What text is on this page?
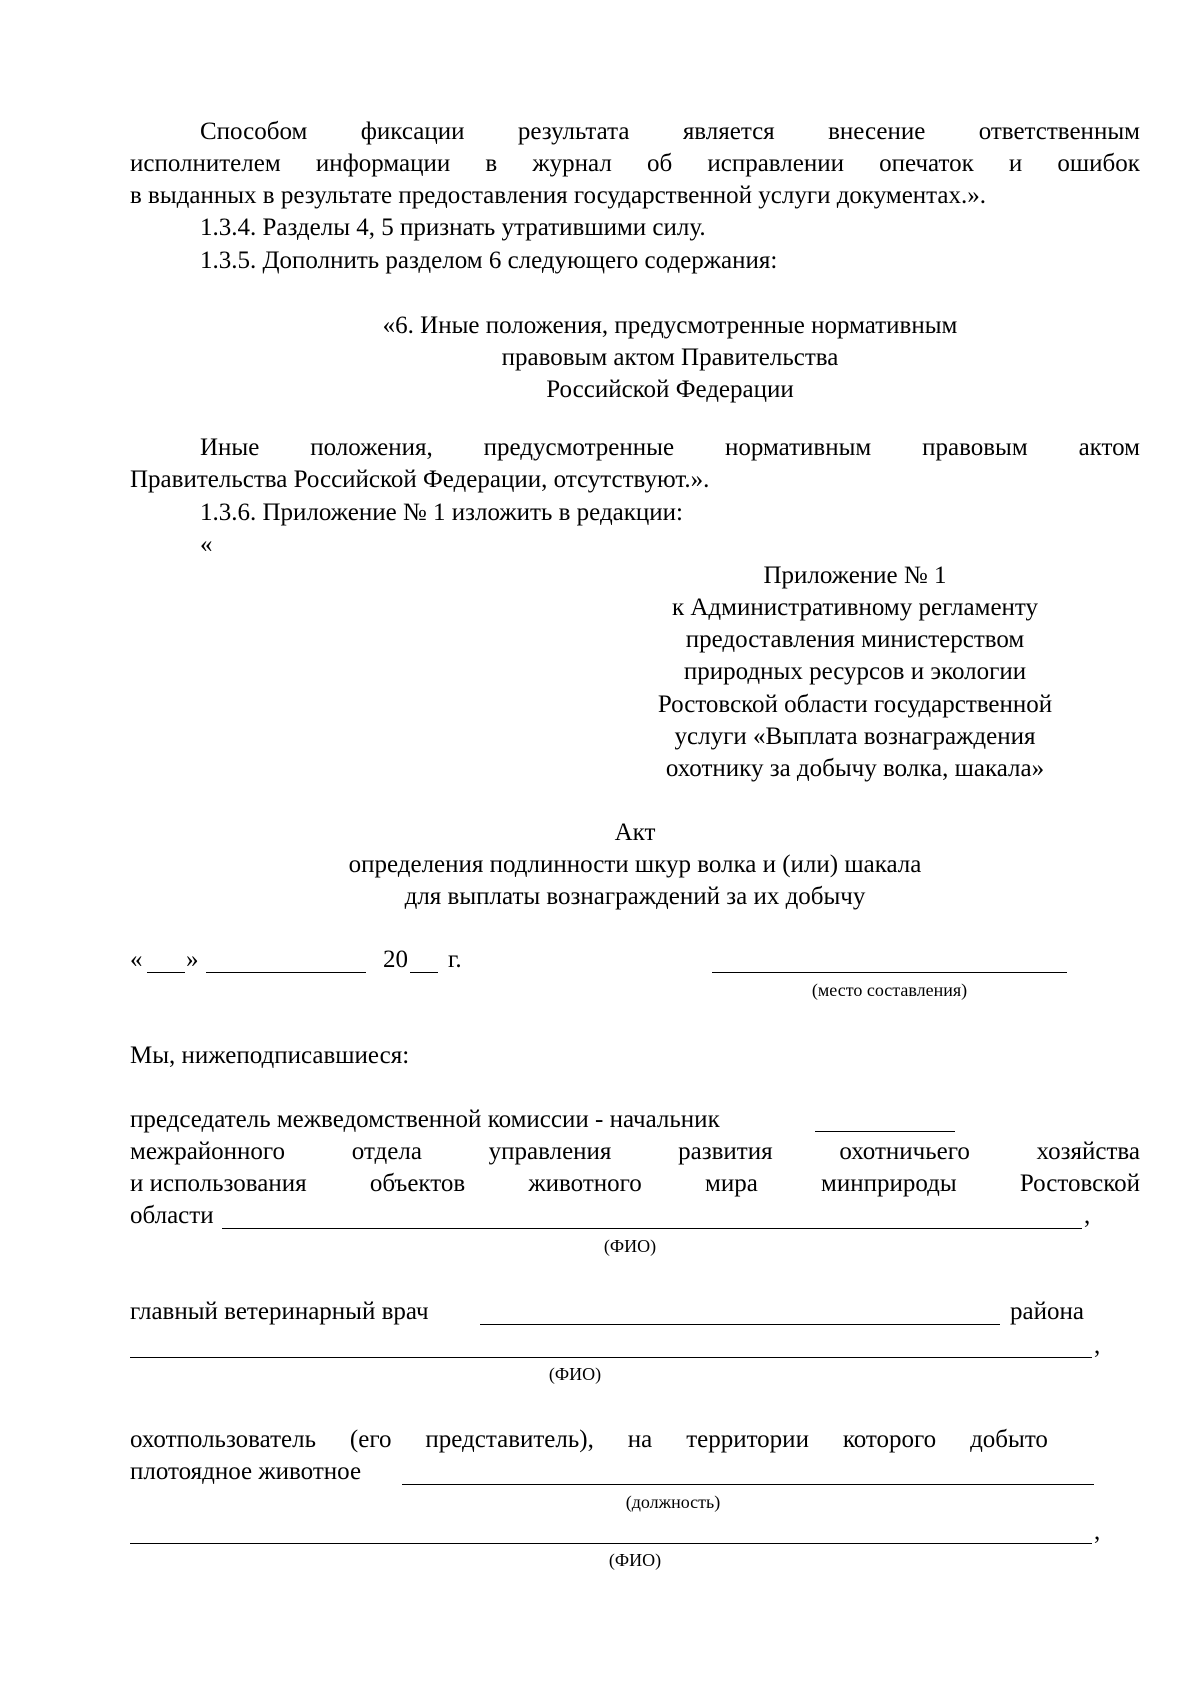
Способом фиксации результата является внесение ответственным
исполнителем информации в журнал об исправлении опечаток и ошибок
в выданных в результате предоставления государственной услуги документах.».
1.3.4. Разделы 4, 5 признать утратившими силу.
1.3.5. Дополнить разделом 6 следующего содержания:
«6. Иные положения, предусмотренные нормативным
правовым актом Правительства
Российской Федерации
Иные положения, предусмотренные нормативным правовым актом
Правительства Российской Федерации, отсутствуют.».
1.3.6. Приложение № 1 изложить в редакции:
«
Приложение № 1
к Административному регламенту
предоставления министерством
природных ресурсов и экологии
Ростовской области государственной
услуги «Выплата вознаграждения
охотнику за добычу волка, шакала»
Акт
определения подлинности шкур волка и (или) шакала
для выплаты вознаграждений за их добычу
« »	20 г.
(место составления)
Мы, нижеподписавшиеся:
председатель межведомственной комиссии - начальник
межрайонного	отдела	управления	развития	охотничьего	хозяйства
и использования	объектов	животного	мира	минприроды	Ростовской
области	,
(ФИО)
главный ветеринарный врач	района
,
(ФИО)
охотпользователь (его представитель), на территории которого добыто
плотоядное животное
(должность)
,
(ФИО)
